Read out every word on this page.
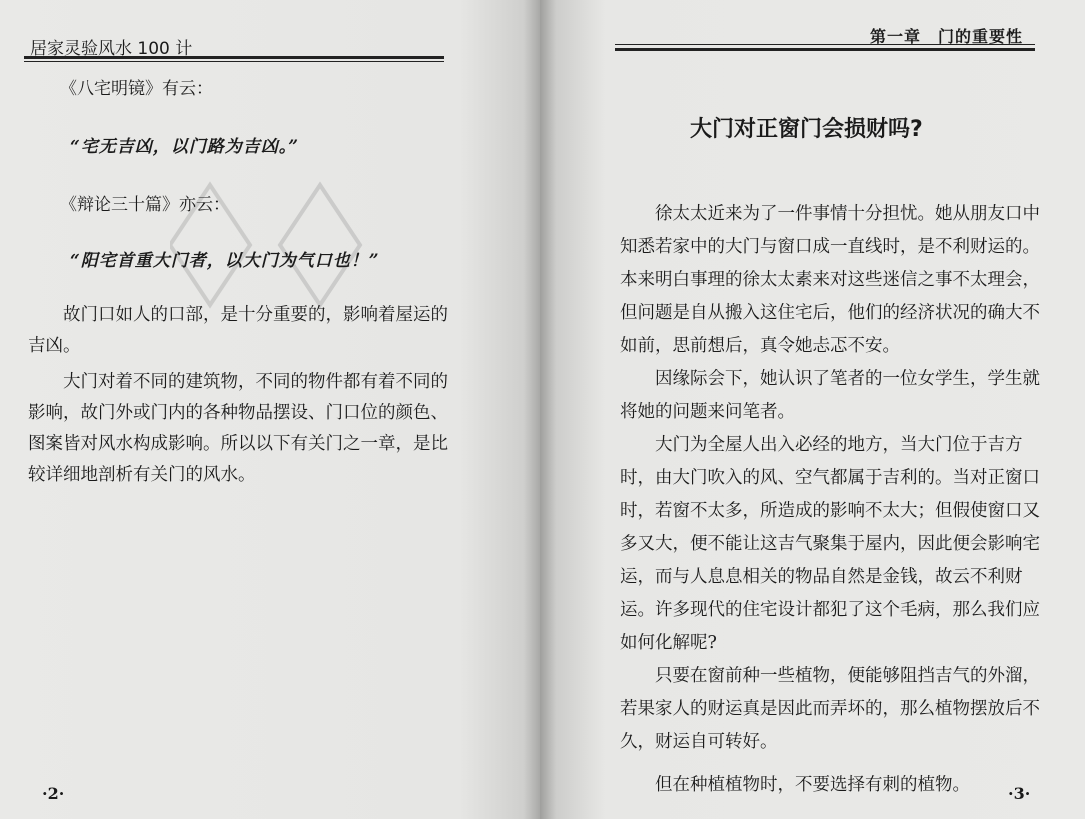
居家灵验风水 100 计
《八宅明镜》有云：
“宅无吉凶，以门路为吉凶。”
《辩论三十篇》亦云：
“阳宅首重大门者，以大门为气口也！”

故门口如人的口部，是十分重要的，影响着屋运的吉凶。

大门对着不同的建筑物，不同的物件都有着不同的影响，故门外或门内的各种物品摆设、门口位的颜色、图案皆对风水构成影响。所以以下有关门之一章，是比较详细地剖析有关门的风水。

·2·
第一章　门的重要性
大门对正窗门会损财吗?

徐太太近来为了一件事情十分担忧。她从朋友口中知悉若家中的大门与窗口成一直线时，是不利财运的。本来明白事理的徐太太素来对这些迷信之事不太理会，但问题是自从搬入这住宅后，他们的经济状况的确大不如前，思前想后，真令她忐忑不安。

因缘际会下，她认识了笔者的一位女学生，学生就将她的问题来问笔者。

大门为全屋人出入必经的地方，当大门位于吉方时，由大门吹入的风、空气都属于吉利的。当对正窗口时，若窗不太多，所造成的影响不太大；但假使窗口又多又大，便不能让这吉气聚集于屋内，因此便会影响宅运，而与人息息相关的物品自然是金钱，故云不利财运。许多现代的住宅设计都犯了这个毛病，那么我们应如何化解呢?

只要在窗前种一些植物，便能够阻挡吉气的外溜，若果家人的财运真是因此而弄坏的，那么植物摆放后不久，财运自可转好。

但在种植植物时，不要选择有刺的植物。	·3·
